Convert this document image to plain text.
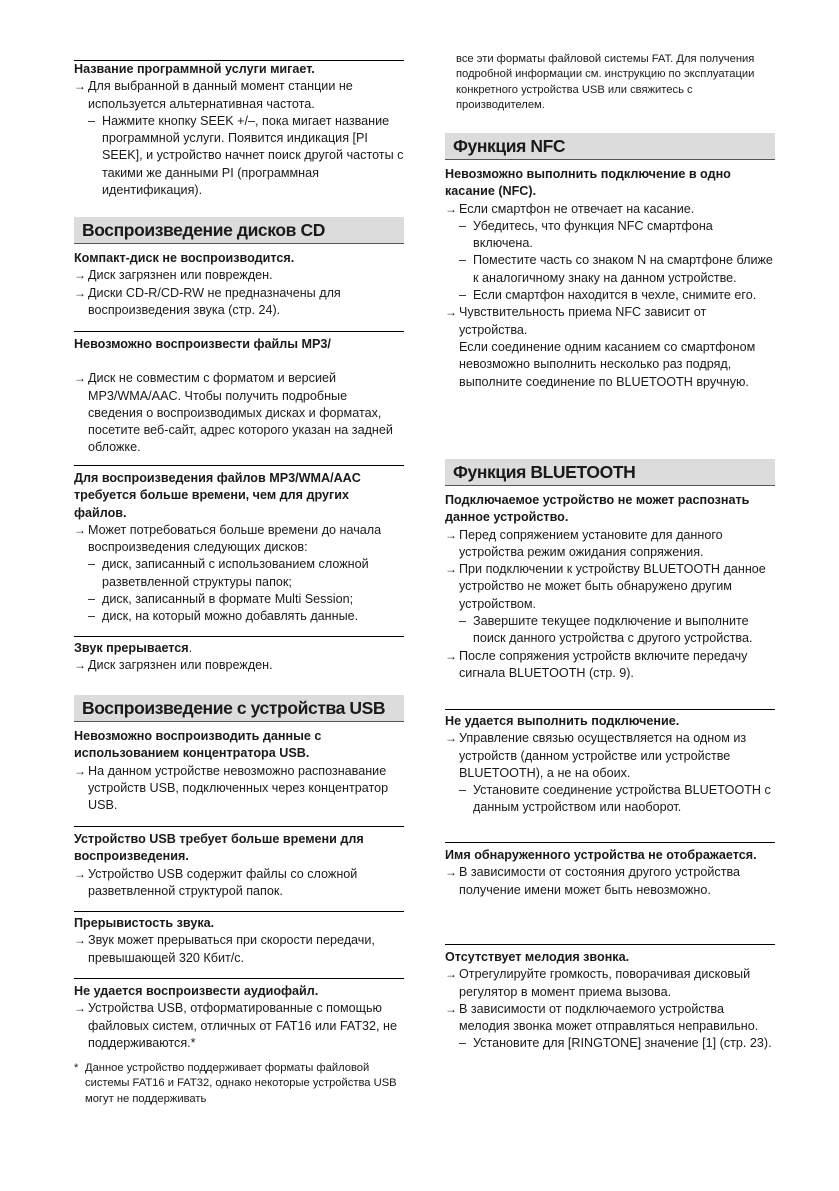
Название программной услуги мигает.

→ Для выбранной в данный момент станции не используется альтернативная частота.

– Нажмите кнопку SEEK +/–, пока мигает название программной услуги. Появится индикация [PI SEEK], и устройство начнет поиск другой частоты с такими же данными PI (программная идентификация).

Воспроизведение дисков CD

Компакт-диск не воспроизводится.

→ Диск загрязнен или поврежден.

→ Диски CD-R/CD-RW не предназначены для воспроизведения звука (стр. 24).

Невозможно воспроизвести файлы MP3/

→ Диск не совместим с форматом и версией MP3/WMA/AAC. Чтобы получить подробные сведения о воспроизводимых дисках и форматах, посетите веб-сайт, адрес которого указан на задней обложке.

Для воспроизведения файлов MP3/WMA/AAC требуется больше времени, чем для других файлов.

→ Может потребоваться больше времени до начала воспроизведения следующих дисков:

– диск, записанный с использованием сложной разветвленной структуры папок;

– диск, записанный в формате Multi Session;

– диск, на который можно добавлять данные.

Звук прерывается.

→ Диск загрязнен или поврежден.

Воспроизведение с устройства USB

Невозможно воспроизводить данные с использованием концентратора USB.

→ На данном устройстве невозможно распознавание устройств USB, подключенных через концентратор USB.

Устройство USB требует больше времени для воспроизведения.

→ Устройство USB содержит файлы со сложной разветвленной структурой папок.

Прерывистость звука.

→ Звук может прерываться при скорости передачи, превышающей 320 Кбит/с.

Не удается воспроизвести аудиофайл.

→ Устройства USB, отформатированные с помощью файловых систем, отличных от FAT16 или FAT32, не поддерживаются.*

* Данное устройство поддерживает форматы файловой системы FAT16 и FAT32, однако некоторые устройства USB могут не поддерживать

все эти форматы файловой системы FAT. Для получения подробной информации см. инструкцию по эксплуатации конкретного устройства USB или свяжитесь с производителем.

Функция NFC

Невозможно выполнить подключение в одно касание (NFC).

→ Если смартфон не отвечает на касание.

– Убедитесь, что функция NFC смартфона включена.

– Поместите часть со знаком N на смартфоне ближе к аналогичному знаку на данном устройстве.

– Если смартфон находится в чехле, снимите его.

→ Чувствительность приема NFC зависит от устройства.

Если соединение одним касанием со смартфоном невозможно выполнить несколько раз подряд, выполните соединение по BLUETOOTH вручную.

Функция BLUETOOTH

Подключаемое устройство не может распознать данное устройство.

→ Перед сопряжением установите для данного устройства режим ожидания сопряжения.

→ При подключении к устройству BLUETOOTH данное устройство не может быть обнаружено другим устройством.

– Завершите текущее подключение и выполните поиск данного устройства с другого устройства.

→ После сопряжения устройств включите передачу сигнала BLUETOOTH (стр. 9).

Не удается выполнить подключение.

→ Управление связью осуществляется на одном из устройств (данном устройстве или устройстве BLUETOOTH), а не на обоих.

– Установите соединение устройства BLUETOOTH с данным устройством или наоборот.

Имя обнаруженного устройства не отображается.

→ В зависимости от состояния другого устройства получение имени может быть невозможно.

Отсутствует мелодия звонка.

→ Отрегулируйте громкость, поворачивая дисковый регулятор в момент приема вызова.

→ В зависимости от подключаемого устройства мелодия звонка может отправляться неправильно.

– Установите для [RINGTONE] значение [1] (стр. 23).
